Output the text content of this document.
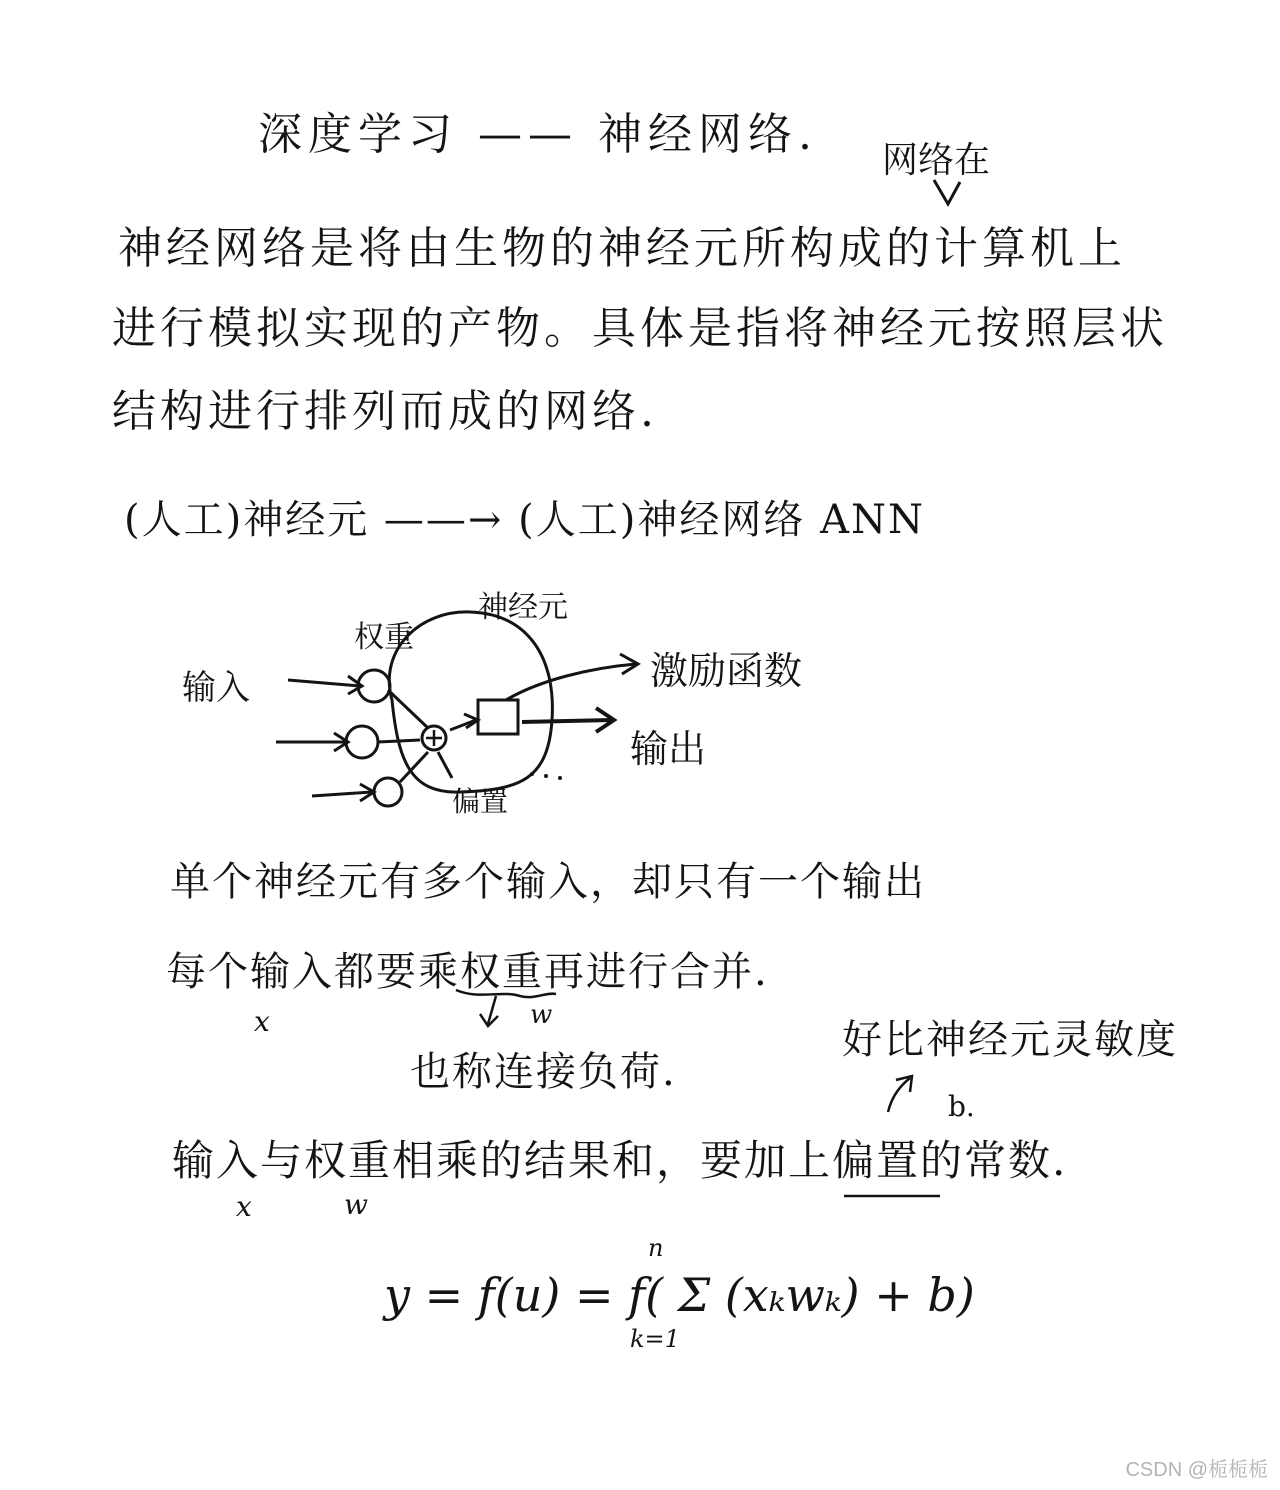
深度学习 —— 神经网络.
网络在
神经网络是将由生物的神经元所构成的计算机上
进行模拟实现的产物。具体是指将神经元按照层状
结构进行排列而成的网络.
(人工)神经元 ——→ (人工)神经网络 ANN
输入
权重
神经元
激励函数
输出
偏置
单个神经元有多个输入，却只有一个输出
每个输入都要乘权重再进行合并.
x	w
也称连接负荷.
好比神经元灵敏度
b.
输入与权重相乘的结果和，要加上偏置的常数.
x	w
y = f(u) = f( Σ (xₖwₖ) + b)
n
k=1
CSDN @栀栀栀
